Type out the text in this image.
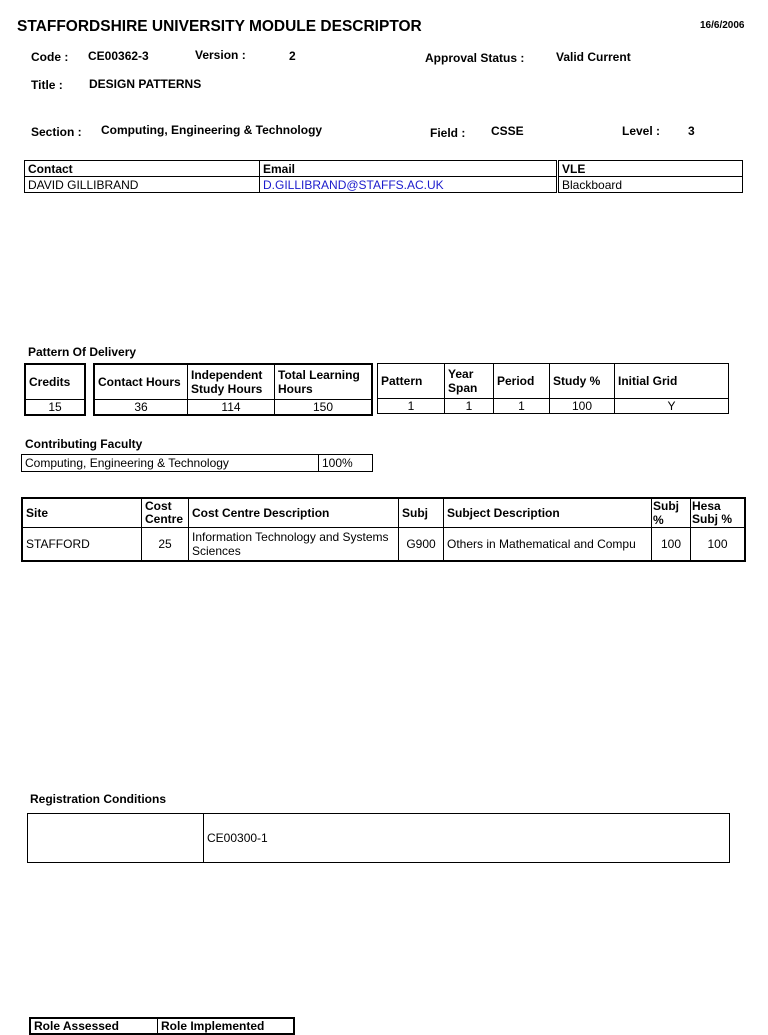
STAFFORDSHIRE UNIVERSITY MODULE DESCRIPTOR	16/6/2006
Code : CE00362-3	Version :	2	Approval Status :	Valid Current
Title : DESIGN PATTERNS
Section : Computing, Engineering & Technology	Field : CSSE	Level : 3
Contact	Email	VLE
DAVID GILLIBRAND	D.GILLIBRAND@STAFFS.AC.UK	Blackboard
Pattern Of Delivery
Credits
15
Contact Hours	Independent Study Hours	Total Learning Hours
36	114	150
Pattern	Year Span	Period	Study %	Initial Grid
1	1	1	100	Y
Contributing Faculty
Computing, Engineering & Technology	100%
Site	Cost Centre	Cost Centre Description	Subj	Subject Description	Subj %	Hesa Subj %
STAFFORD	25	Information Technology and Systems Sciences	G900	Others in Mathematical and Compu	100	100
Registration Conditions
	CE00300-1
Role Assessed	Role Implemented
